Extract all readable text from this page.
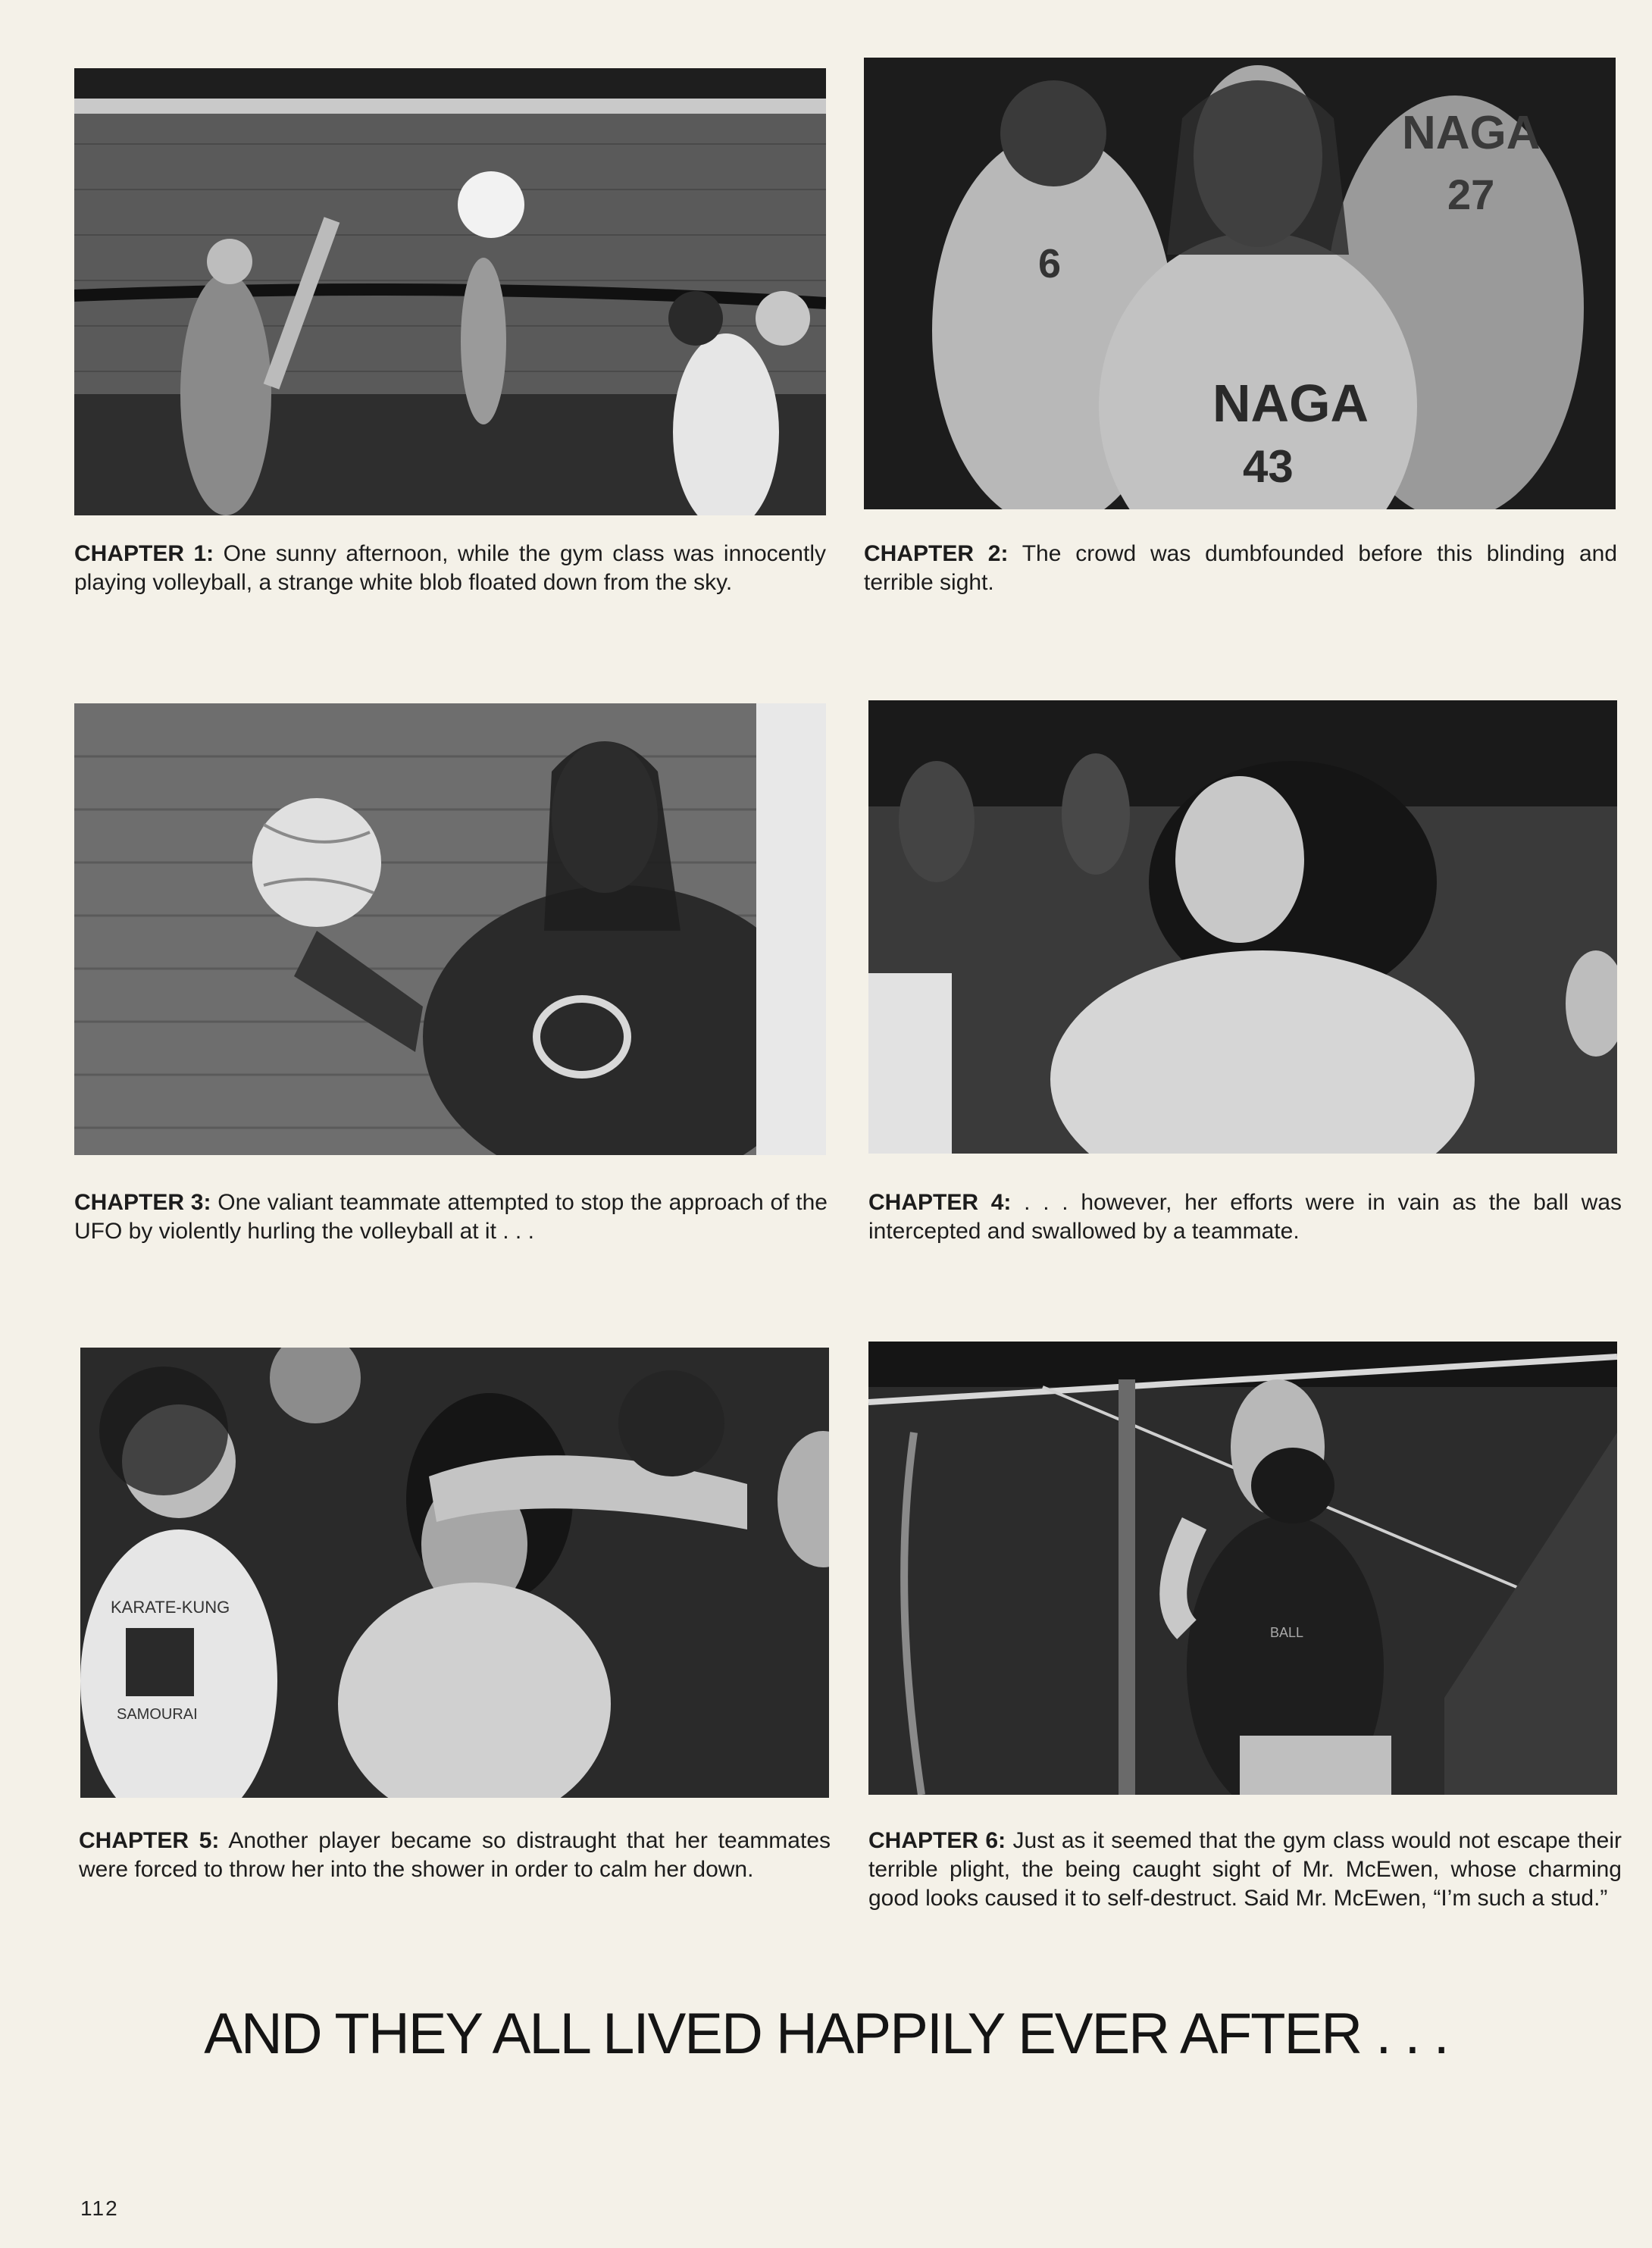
NAGA
43
NAGA
27
6
CHAPTER 1: One sunny afternoon, while the gym class was innocently playing volleyball, a strange white blob floated down from the sky.
CHAPTER 2: The crowd was dumbfounded before this blinding and terrible sight.
CHAPTER 3: One valiant teammate attempted to stop the approach of the UFO by violently hurling the volleyball at it . . .
CHAPTER 4: . . . however, her efforts were in vain as the ball was intercepted and swallowed by a teammate.
KARATE-KUNG
SAMOURAI
BALL
CHAPTER 5: Another player became so distraught that her teammates were forced to throw her into the shower in order to calm her down.
CHAPTER 6: Just as it seemed that the gym class would not escape their terrible plight, the being caught sight of Mr. McEwen, whose charming good looks caused it to self-destruct. Said Mr. McEwen, “I’m such a stud.”
AND THEY ALL LIVED HAPPILY EVER AFTER . . .
112
